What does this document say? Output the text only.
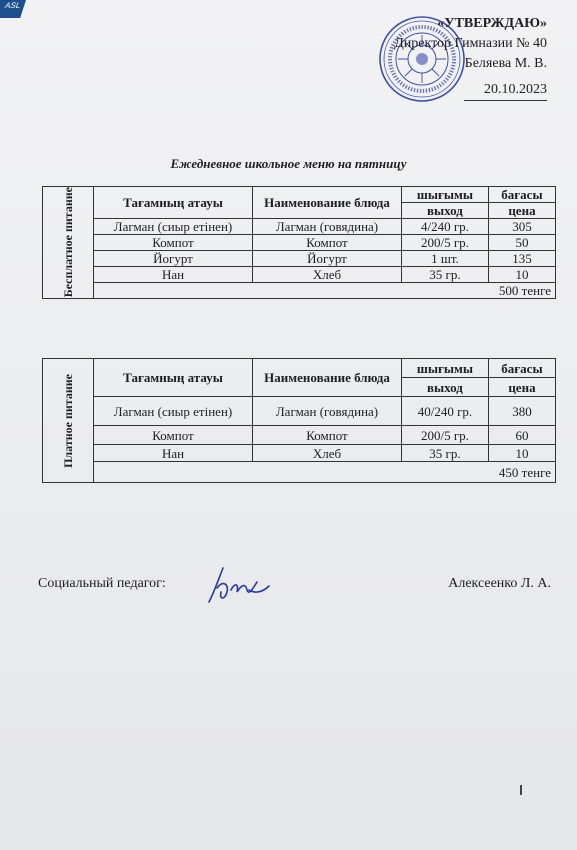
ASL
«УТВЕРЖДАЮ»
Директор Гимназии № 40
Беляева М. В.
20.10.2023
Ежедневное школьное меню на пятницу
Бесплатное питание	Тағамның атауы	Наименование блюда	шығымы	бағасы
			выход	цена
	Лагман (сиыр етінен)	Лагман (говядина)	4/240 гр.	305
	Компот	Компот	200/5 гр.	50
	Йогурт	Йогурт	1 шт.	135
	Нан	Хлеб	35 гр.	10
	500 тенге			
Платное питание	Тағамның атауы	Наименование блюда	шығымы	бағасы
			выход	цена
	Лагман (сиыр етінен)	Лагман (говядина)	40/240 гр.	380
	Компот	Компот	200/5 гр.	60
	Нан	Хлеб	35 гр.	10
	450 тенге			
Социальный педагог:	Алексеенко Л. А.
